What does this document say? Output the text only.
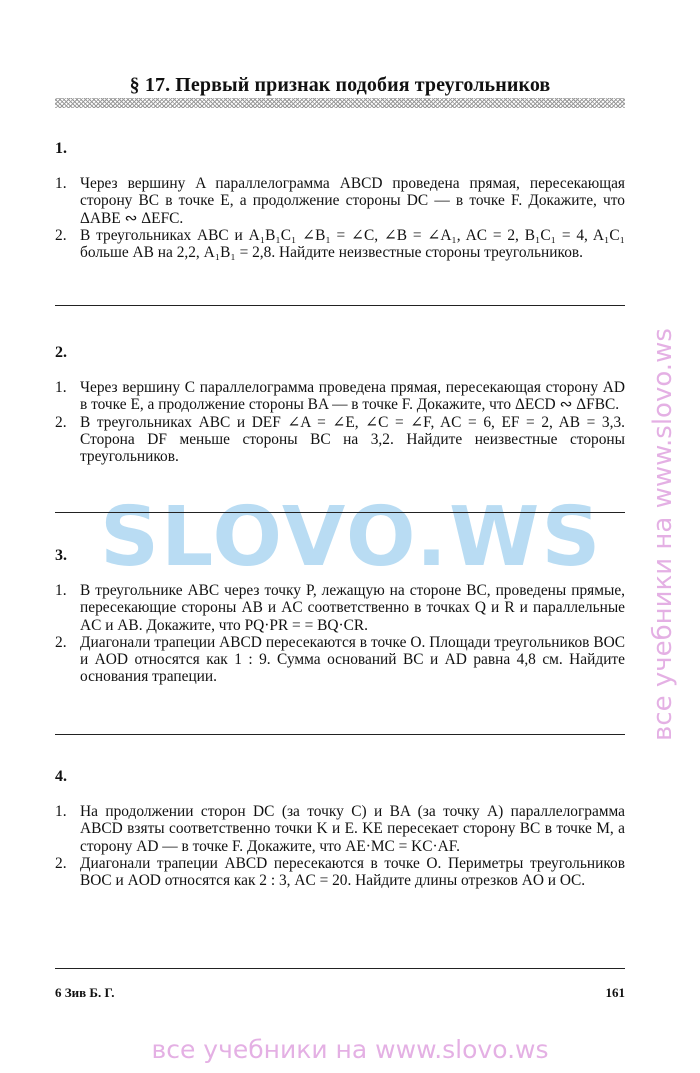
SLOVO.WS
§ 17. Первый признак подобия треугольников
1.
1. Через вершину A параллелограмма ABCD проведена прямая, пересекающая сторону BC в точке E, а продолжение стороны DC — в точке F. Докажите, что ΔABE ∾ ΔEFC.
2. В треугольниках ABC и A₁B₁C₁ ∠B₁ = ∠C, ∠B = ∠A₁, AC = 2, B₁C₁ = 4, A₁C₁ больше AB на 2,2, A₁B₁ = 2,8. Найдите неизвестные стороны треугольников.
2.
1. Через вершину C параллелограмма проведена прямая, пересекающая сторону AD в точке E, а продолжение стороны BA — в точке F. Докажите, что ΔECD ∾ ΔFBC.
2. В треугольниках ABC и DEF ∠A = ∠E, ∠C = ∠F, AC = 6, EF = 2, AB = 3,3. Сторона DF меньше стороны BC на 3,2. Найдите неизвестные стороны треугольников.
3.
1. В треугольнике ABC через точку P, лежащую на стороне BC, проведены прямые, пересекающие стороны AB и AC соответственно в точках Q и R и параллельные AC и AB. Докажите, что PQ·PR = = BQ·CR.
2. Диагонали трапеции ABCD пересекаются в точке O. Площади треугольников BOC и AOD относятся как 1 : 9. Сумма оснований BC и AD равна 4,8 см. Найдите основания трапеции.
4.
1. На продолжении сторон DC (за точку C) и BA (за точку A) параллелограмма ABCD взяты соответственно точки K и E. KE пересекает сторону BC в точке M, а сторону AD — в точке F. Докажите, что AE·MC = KC·AF.
2. Диагонали трапеции ABCD пересекаются в точке O. Периметры треугольников BOC и AOD относятся как 2 : 3, AC = 20. Найдите длины отрезков AO и OC.
6 Зив Б. Г.	161
все учебники на www.slovo.ws
все учебники на www.slovo.ws
